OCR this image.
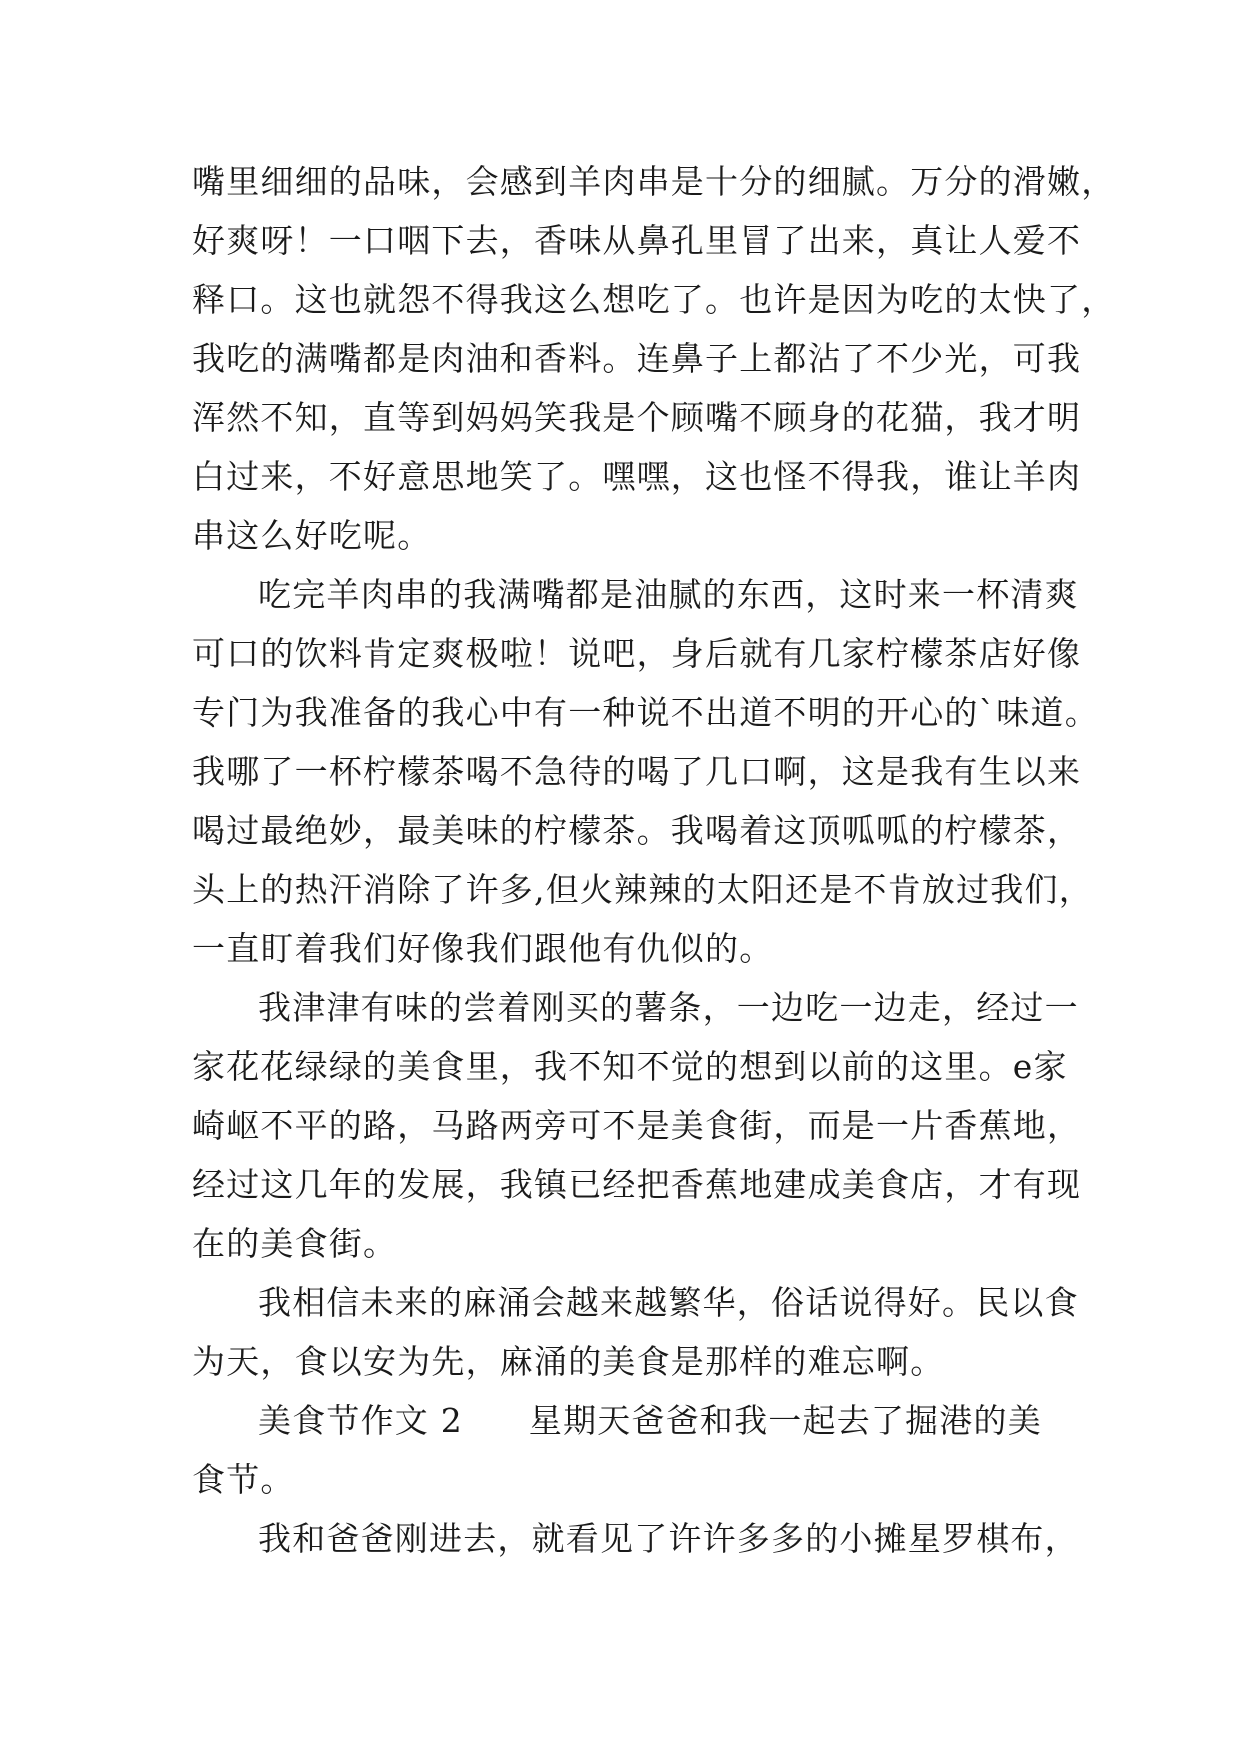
嘴里细细的品味，会感到羊肉串是十分的细腻。万分的滑嫩，
好爽呀！一口咽下去，香味从鼻孔里冒了出来，真让人爱不
释口。这也就怨不得我这么想吃了。也许是因为吃的太快了，
我吃的满嘴都是肉油和香料。连鼻子上都沾了不少光，可我
浑然不知，直等到妈妈笑我是个顾嘴不顾身的花猫，我才明
白过来，不好意思地笑了。嘿嘿，这也怪不得我，谁让羊肉
串这么好吃呢。
吃完羊肉串的我满嘴都是油腻的东西，这时来一杯清爽
可口的饮料肯定爽极啦！说吧，身后就有几家柠檬茶店好像
专门为我准备的我心中有一种说不出道不明的开心的`味道。
我哪了一杯柠檬茶喝不急待的喝了几口啊，这是我有生以来
喝过最绝妙，最美味的柠檬茶。我喝着这顶呱呱的柠檬茶，
头上的热汗消除了许多,但火辣辣的太阳还是不肯放过我们，
一直盯着我们好像我们跟他有仇似的。
我津津有味的尝着刚买的薯条，一边吃一边走，经过一
家花花绿绿的美食里，我不知不觉的想到以前的这里。e家
崎岖不平的路，马路两旁可不是美食街，而是一片香蕉地，
经过这几年的发展，我镇已经把香蕉地建成美食店，才有现
在的美食街。
我相信未来的麻涌会越来越繁华，俗话说得好。民以食
为天，食以安为先，麻涌的美食是那样的难忘啊。
美食节作文 2 星期天爸爸和我一起去了掘港的美
食节。
我和爸爸刚进去，就看见了许许多多的小摊星罗棋布，
